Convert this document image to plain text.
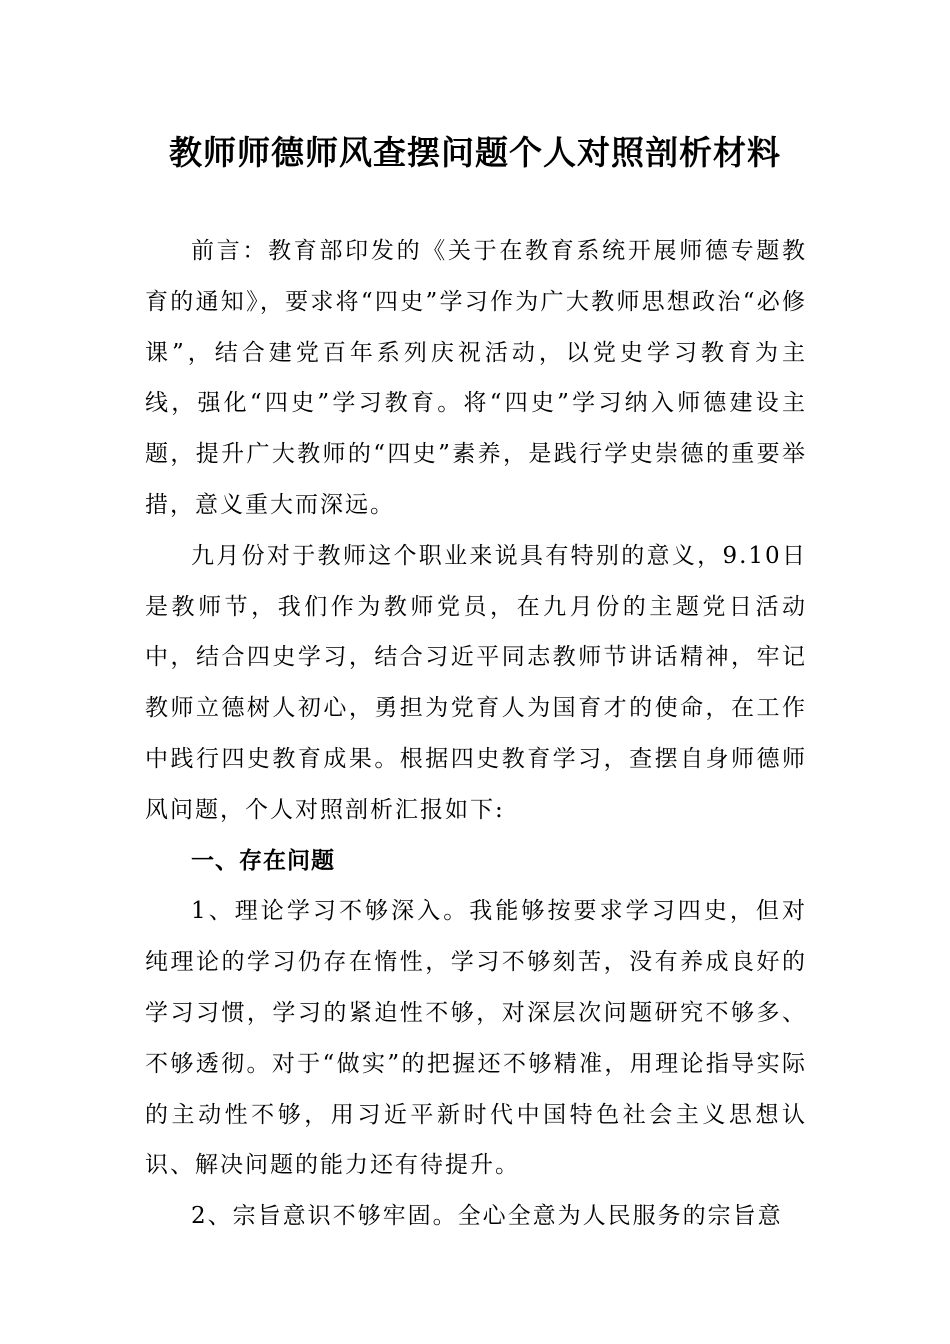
教师师德师风查摆问题个人对照剖析材料

前言：教育部印发的《关于在教育系统开展师德专题教育的通知》，要求将“四史”学习作为广大教师思想政治“必修课”，结合建党百年系列庆祝活动，以党史学习教育为主线，强化“四史”学习教育。将“四史”学习纳入师德建设主题，提升广大教师的“四史”素养，是践行学史崇德的重要举措，意义重大而深远。

九月份对于教师这个职业来说具有特别的意义，9.10日是教师节，我们作为教师党员，在九月份的主题党日活动中，结合四史学习，结合习近平同志教师节讲话精神，牢记教师立德树人初心，勇担为党育人为国育才的使命，在工作中践行四史教育成果。根据四史教育学习，查摆自身师德师风问题，个人对照剖析汇报如下:

一、存在问题

1、理论学习不够深入。我能够按要求学习四史，但对纯理论的学习仍存在惰性，学习不够刻苦，没有养成良好的学习习惯，学习的紧迫性不够，对深层次问题研究不够多、不够透彻。对于“做实”的把握还不够精准，用理论指导实际的主动性不够，用习近平新时代中国特色社会主义思想认识、解决问题的能力还有待提升。

2、宗旨意识不够牢固。全心全意为人民服务的宗旨意
